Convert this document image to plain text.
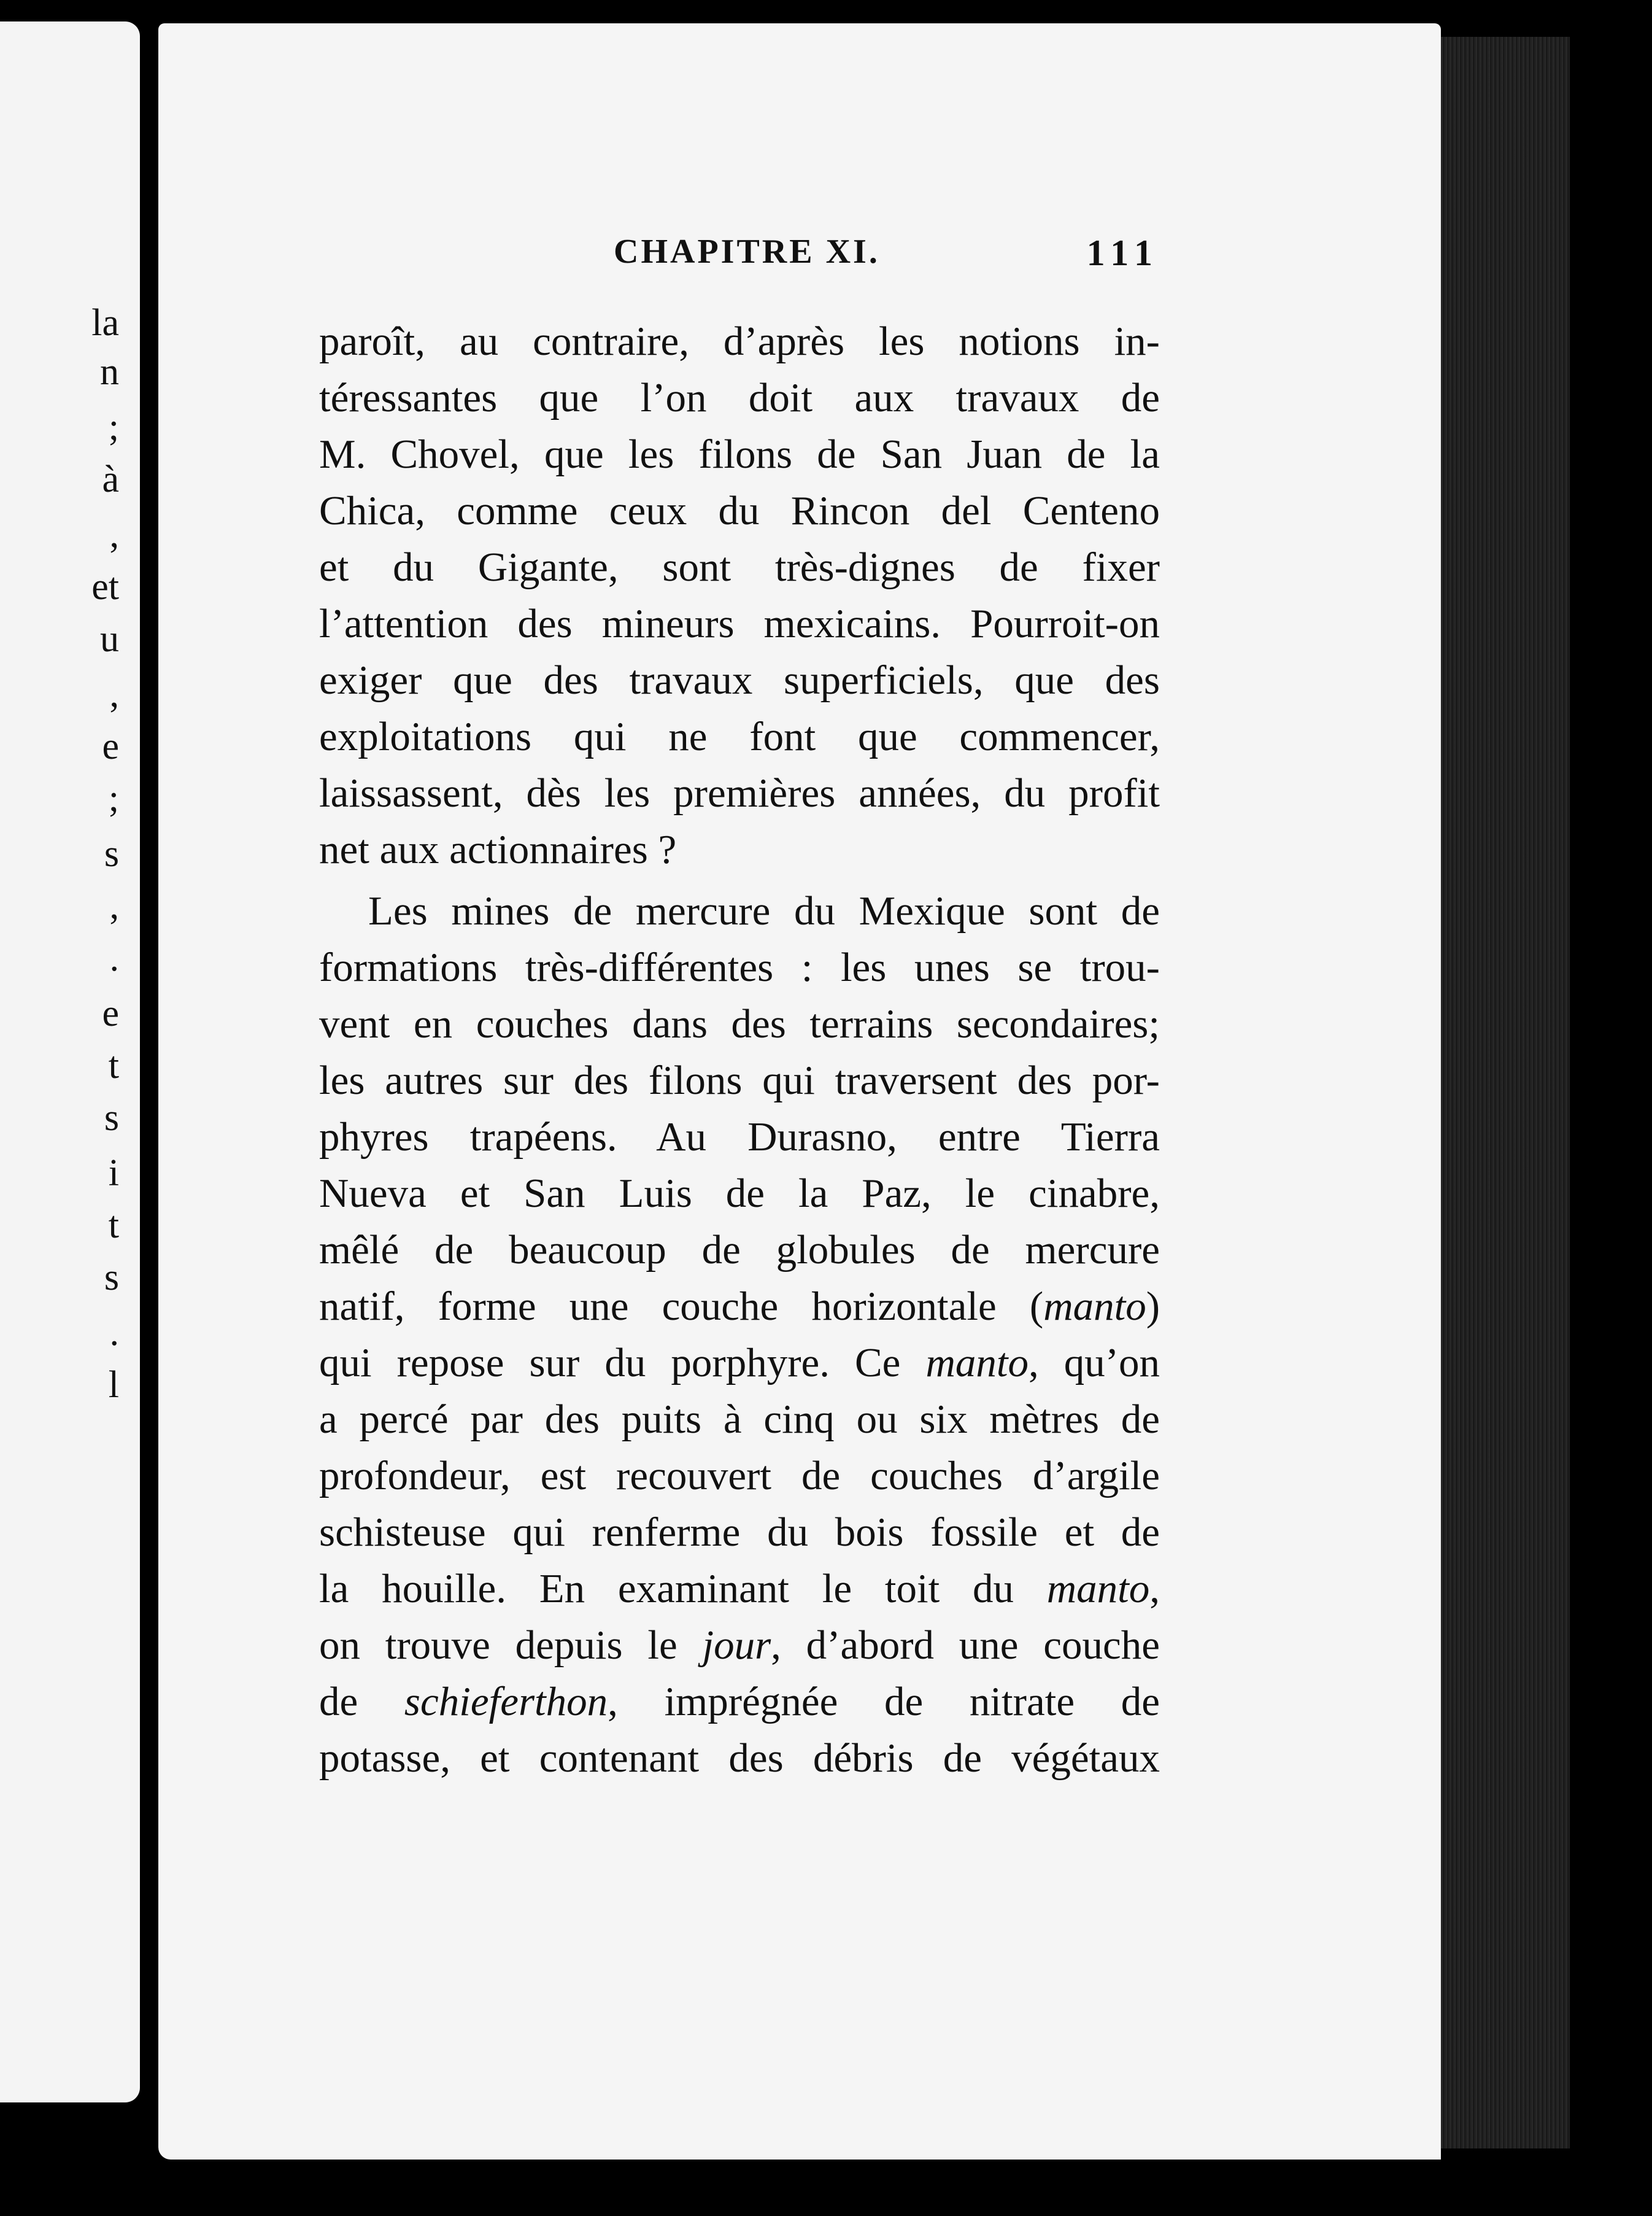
la
n
;
à
,
et
u
,
e
;
s
,
.
e
t
s
i
t
s
.
l
CHAPITRE XI.	111
paroît, au contraire, d’après les notions in-
téressantes que l’on doit aux travaux de
M. Chovel, que les filons de San Juan de la
Chica, comme ceux du Rincon del Centeno
et du Gigante, sont très-dignes de fixer
l’attention des mineurs mexicains. Pourroit-on
exiger que des travaux superficiels, que des
exploitations qui ne font que commencer,
laissassent, dès les premières années, du profit
net aux actionnaires ?
Les mines de mercure du Mexique sont de
formations très-différentes : les unes se trou-
vent en couches dans des terrains secondaires;
les autres sur des filons qui traversent des por-
phyres trapéens. Au Durasno, entre Tierra
Nueva et San Luis de la Paz, le cinabre,
mêlé de beaucoup de globules de mercure
natif, forme une couche horizontale (manto)
qui repose sur du porphyre. Ce manto, qu’on
a percé par des puits à cinq ou six mètres de
profondeur, est recouvert de couches d’argile
schisteuse qui renferme du bois fossile et de
la houille. En examinant le toit du manto,
on trouve depuis le jour, d’abord une couche
de schieferthon, imprégnée de nitrate de
potasse, et contenant des débris de végétaux
